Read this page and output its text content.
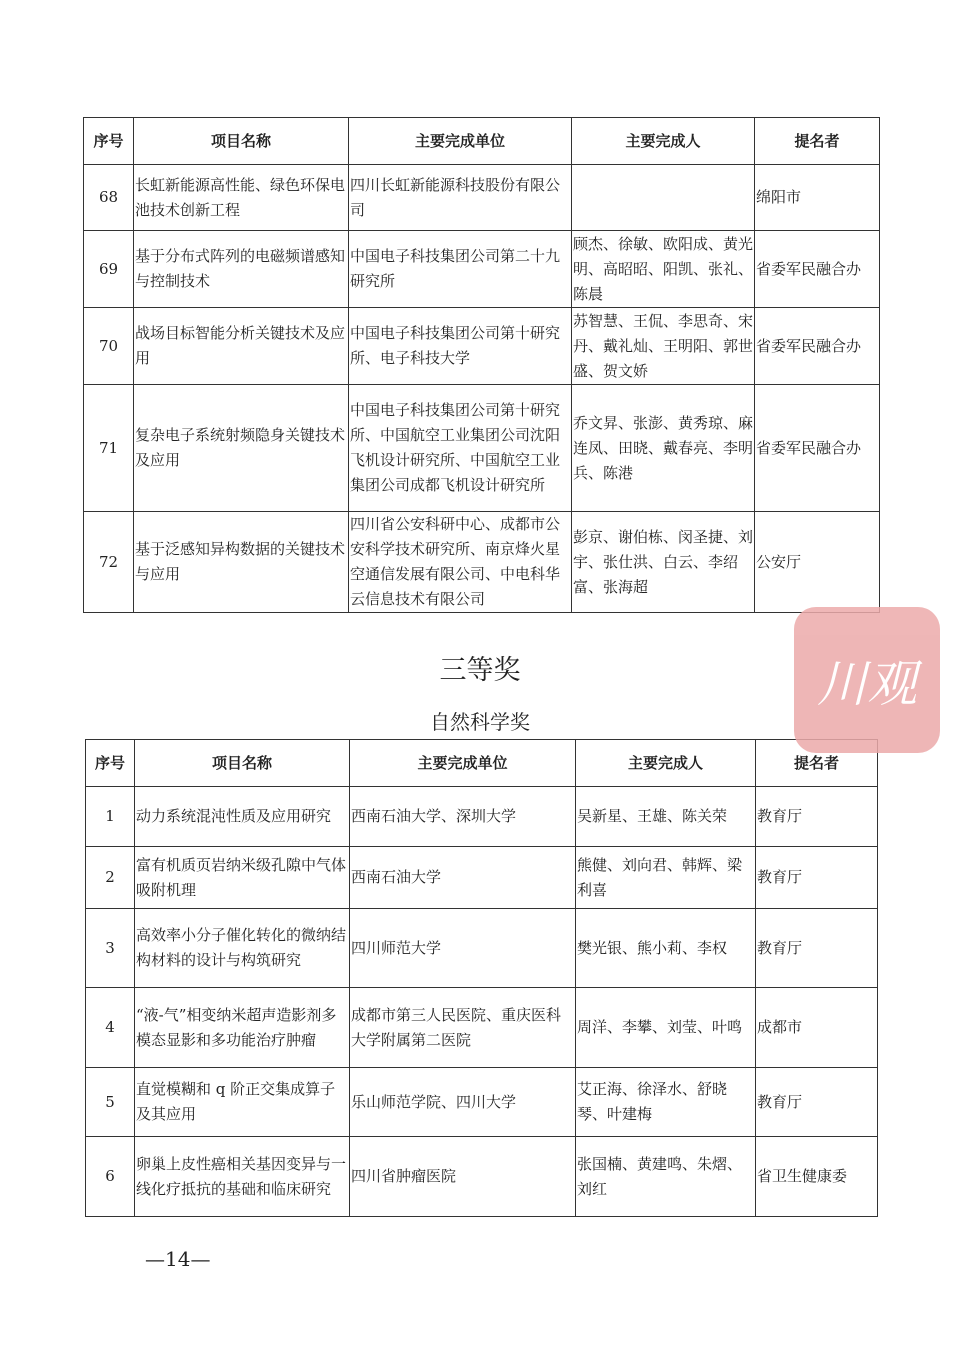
序号	项目名称	主要完成单位	主要完成人	提名者
68	长虹新能源高性能、绿色环保电池技术创新工程	四川长虹新能源科技股份有限公司		绵阳市
69	基于分布式阵列的电磁频谱感知与控制技术	中国电子科技集团公司第二十九研究所	顾杰、徐敏、欧阳成、黄光明、高昭昭、阳凯、张礼、陈晨	省委军民融合办
70	战场目标智能分析关键技术及应用	中国电子科技集团公司第十研究所、电子科技大学	苏智慧、王侃、李思奇、宋丹、戴礼灿、王明阳、郭世盛、贺文娇	省委军民融合办
71	复杂电子系统射频隐身关键技术及应用	中国电子科技集团公司第十研究所、中国航空工业集团公司沈阳飞机设计研究所、中国航空工业集团公司成都飞机设计研究所	乔文昇、张澎、黄秀琼、麻连凤、田晓、戴春亮、李明兵、陈港	省委军民融合办
72	基于泛感知异构数据的关键技术与应用	四川省公安科研中心、成都市公安科学技术研究所、南京烽火星空通信发展有限公司、中电科华云信息技术有限公司	彭京、谢伯栋、闵圣捷、刘宇、张仕洪、白云、李绍富、张海超	公安厅
三等奖
自然科学奖
序号	项目名称	主要完成单位	主要完成人	提名者
1	动力系统混沌性质及应用研究	西南石油大学、深圳大学	吴新星、王雄、陈关荣	教育厅
2	富有机质页岩纳米级孔隙中气体吸附机理	西南石油大学	熊健、刘向君、韩辉、梁利喜	教育厅
3	高效率小分子催化转化的微纳结构材料的设计与构筑研究	四川师范大学	樊光银、熊小莉、李权	教育厅
4	“液-气”相变纳米超声造影剂多模态显影和多功能治疗肿瘤	成都市第三人民医院、重庆医科大学附属第二医院	周洋、李攀、刘莹、叶鸣	成都市
5	直觉模糊和 q 阶正交集成算子及其应用	乐山师范学院、四川大学	艾正海、徐泽水、舒晓琴、叶建梅	教育厅
6	卵巢上皮性癌相关基因变异与一线化疗抵抗的基础和临床研究	四川省肿瘤医院	张国楠、黄建鸣、朱熠、刘红	省卫生健康委
—14—
川观
